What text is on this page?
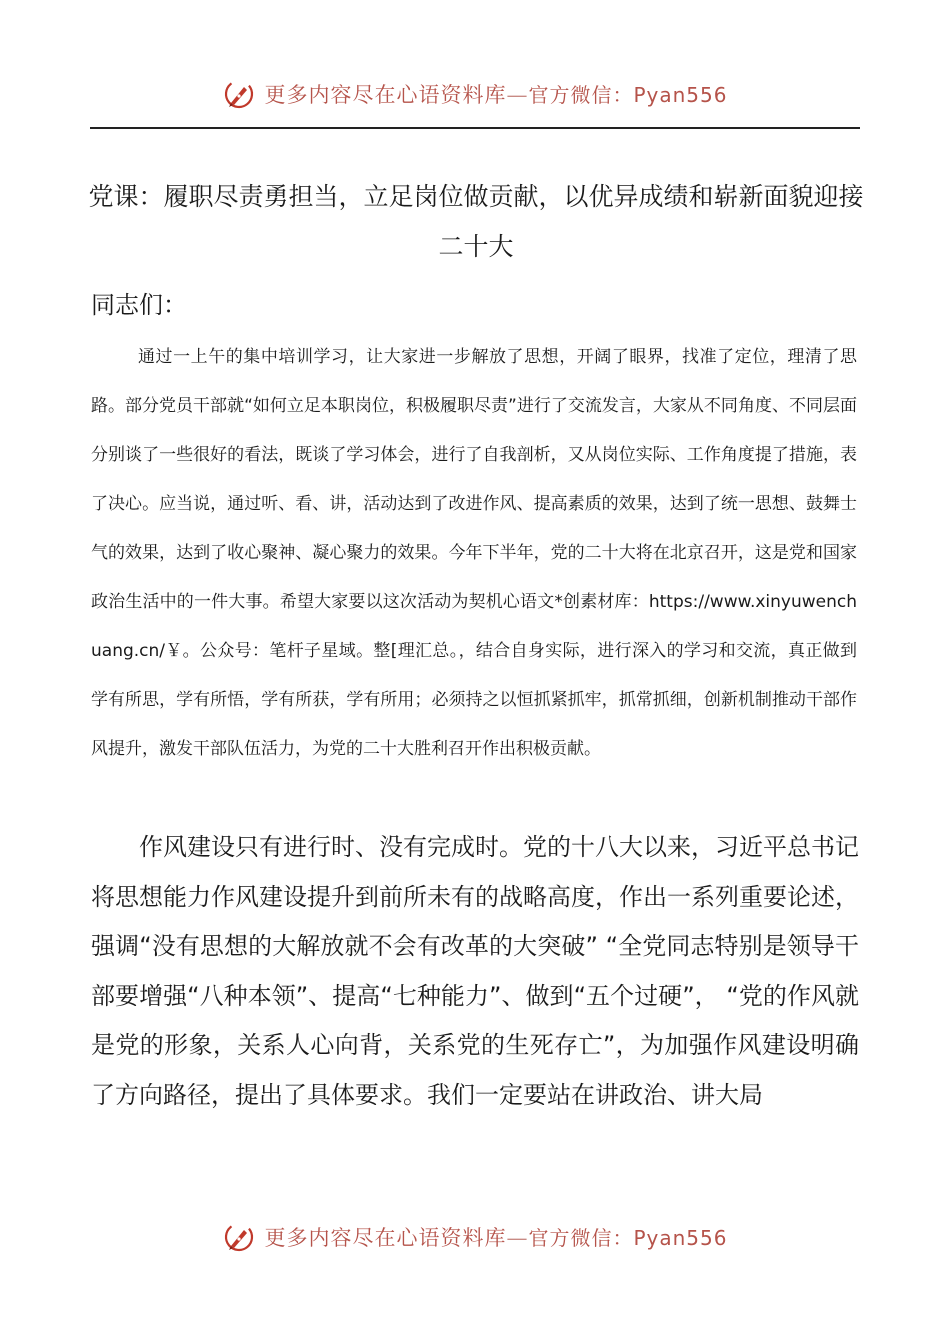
更多内容尽在心语资料库—官方微信：Pyan556
党课：履职尽责勇担当，立足岗位做贡献，以优异成绩和崭新面貌迎接二十大

同志们：

通过一上午的集中培训学习，让大家进一步解放了思想，开阔了眼界，找准了定位，理清了思路。部分党员干部就“如何立足本职岗位，积极履职尽责”进行了交流发言，大家从不同角度、不同层面分别谈了一些很好的看法，既谈了学习体会，进行了自我剖析，又从岗位实际、工作角度提了措施，表了决心。应当说，通过听、看、讲，活动达到了改进作风、提高素质的效果，达到了统一思想、鼓舞士气的效果，达到了收心聚神、凝心聚力的效果。今年下半年，党的二十大将在北京召开，这是党和国家政治生活中的一件大事。希望大家要以这次活动为契机心语文*创素材库：https://www.xinyuwenchuang.cn/￥。公众号：笔杆子星域。整[理汇总。，结合自身实际，进行深入的学习和交流，真正做到学有所思，学有所悟，学有所获，学有所用；必须持之以恒抓紧抓牢，抓常抓细，创新机制推动干部作风提升，激发干部队伍活力，为党的二十大胜利召开作出积极贡献。

作风建设只有进行时、没有完成时。党的十八大以来，习近平总书记将思想能力作风建设提升到前所未有的战略高度，作出一系列重要论述，强调“没有思想的大解放就不会有改革的大突破” “全党同志特别是领导干部要增强“八种本领”、提高“七种能力”、做到“五个过硬”， “党的作风就是党的形象，关系人心向背，关系党的生死存亡”，为加强作风建设明确了方向路径，提出了具体要求。我们一定要站在讲政治、讲大局

更多内容尽在心语资料库—官方微信：Pyan556
